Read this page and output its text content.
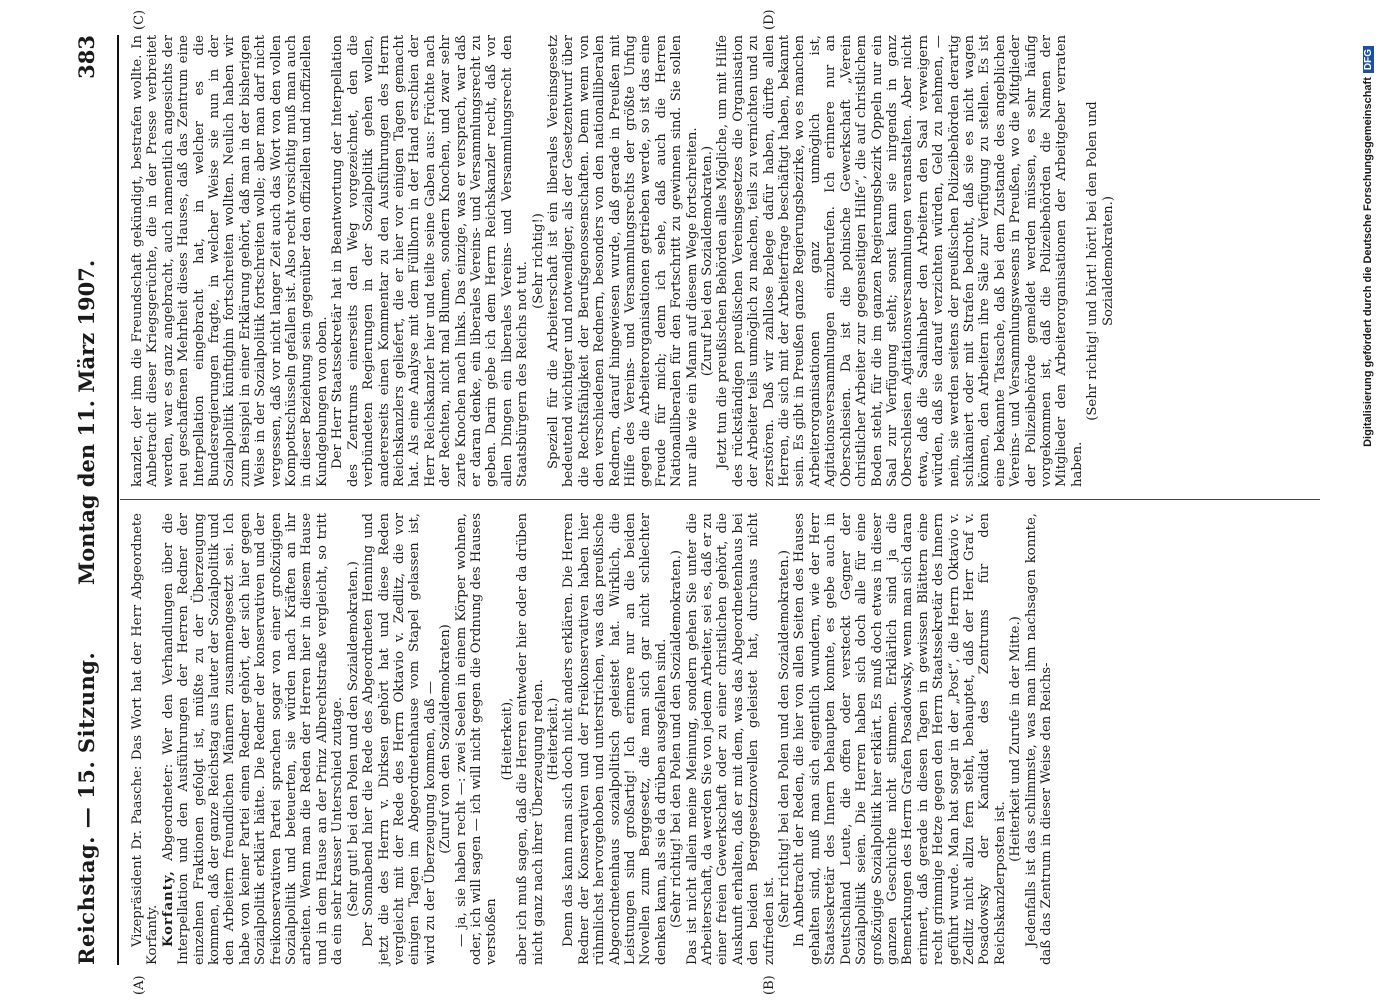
Reichstag. — 15. Sitzung.
Montag den 11. März 1907.
383
(A)	(B)
(C)	(D)

Vizepräsident Dr. Paasche: Das Wort hat der Herr Abgeordnete Korfanty. Korfanty, Abgeordneter: Wer den Verhandlungen über die Interpellation und den Ausführungen der Herren Redner der einzelnen Fraktionen gefolgt ist, müßte zu der Überzeugung kommen, daß der ganze Reichstag aus lauter der Sozialpolitik und den Arbeitern freundlichen Männern zusammengesetzt sei. Ich habe von keiner Partei einen Redner gehört, der sich hier gegen Sozialpolitik erklärt hätte. Die Redner der konservativen und der freikonservativen Partei sprachen sogar von einer großzügigen Sozialpolitik und beteuerten, sie würden nach Kräften an ihr arbeiten. Wenn man die Reden der Herren hier in diesem Hause und in dem Hause an der Prinz Albrechtstraße vergleicht, so tritt da ein sehr krasser Unterschied zutage. (Sehr gut! bei den Polen und den Sozialdemokraten.) Der Sonnabend hier die Rede des Abgeordneten Henning und jetzt die des Herrn v. Dirksen gehört hat und diese Reden vergleicht mit der Rede des Herrn Oktavio v. Zedlitz, die vor einigen Tagen im Abgeordnetenhause vom Stapel gelassen ist, wird zu der Überzeugung kommen, daß — (Zuruf von den Sozialdemokraten) — ja, sie haben recht —: zwei Seelen in einem Körper wohnen, oder, ich will sagen — ich will nicht gegen die Ordnung des Hauses verstoßen

(Heiterkeit), aber ich muß sagen, daß die Herren entweder hier oder da drüben nicht ganz nach ihrer Überzeugung reden. (Heiterkeit.) Denn das kann man sich doch nicht anders erklären. Die Herren Redner der Konservativen und der Freikonservativen haben hier rühmlichst hervorgehoben und unterstrichen, was das preußische Abgeordnetenhaus sozialpolitisch geleistet hat. Wirklich, die Leistungen sind großartig! Ich erinnere nur an die beiden Novellen zum Berggesetz, die man sich gar nicht schlechter denken kann, als sie da drüben ausgefallen sind. (Sehr richtig! bei den Polen und den Sozialdemokraten.) Das ist nicht allein meine Meinung, sondern gehen Sie unter die Arbeiterschaft, da werden Sie von jedem Arbeiter, sei es, daß er zu einer freien Gewerkschaft oder zu einer christlichen gehört, die Auskunft erhalten, daß er mit dem, was das Abgeordnetenhaus bei den beiden Berggesetznovellen geleistet hat, durchaus nicht zufrieden ist. (Sehr richtig! bei den Polen und den Sozialdemokraten.) In Anbetracht der Reden, die hier von allen Seiten des Hauses gehalten sind, muß man sich eigentlich wundern, wie der Herr Staatssekretär des Innern behaupten konnte, es gebe auch in Deutschland Leute, die offen oder versteckt Gegner der Sozialpolitik seien. Die Herren haben sich doch alle für eine großzügige Sozialpolitik hier erklärt. Es muß doch etwas in dieser ganzen Geschichte nicht stimmen. Erklärlich sind ja die Bemerkungen des Herrn Grafen Posadowsky, wenn man sich daran erinnert, daß gerade in diesen Tagen in gewissen Blättern eine recht grimmige Hetze gegen den Herrn Staatssekretär des Innern geführt wurde. Man hat sogar in der „Post“, die Herrn Oktavio v. Zedlitz nicht allzu fern steht, behauptet, daß der Herr Graf v. Posadowsky der Kandidat des Zentrums für den Reichskanzlerposten ist.

(Heiterkeit und Zurufe in der Mitte.) Jedenfalls ist das schlimmste, was man ihm nachsagen konnte, daß das Zentrum in dieser Weise den Reichs-

kanzler, der ihm die Freundschaft gekündigt, bestrafen wollte. In Anbetracht dieser Kriegsgerüchte, die in der Presse verbreitet werden, war es ganz angebracht, auch namentlich angesichts der neu geschaffenen Mehrheit dieses Hauses, daß das Zentrum eine Interpellation eingebracht hat, in welcher es die Bundesregierungen fragte, in welcher Weise sie nun in der Sozialpolitik künftighin fortschreiten wollten. Neulich haben wir zum Beispiel in einer Erklärung gehört, daß man in der bisherigen Weise in der Sozialpolitik fortschreiten wolle; aber man darf nicht vergessen, daß vor nicht langer Zeit auch das Wort von den vollen Kompottschüsseln gefallen ist. Also recht vorsichtig muß man auch in dieser Beziehung sein gegenüber den offiziellen und inoffiziellen Kundgebungen von oben. Der Herr Staatssekretär hat in Beantwortung der Interpellation des Zentrums einerseits den Weg vorgezeichnet, den die verbündeten Regierungen in der Sozialpolitik gehen wollen, andererseits einen Kommentar zu den Ausführungen des Herrn Reichskanzlers geliefert, die er hier vor einigen Tagen gemacht hat. Als eine Analyse mit dem Füllhorn in der Hand erschien der Herr Reichskanzler hier und teilte seine Gaben aus: Früchte nach der Rechten, nicht mal Blumen, sondern Knochen, und zwar sehr zarte Knochen nach links. Das einzige, was er versprach, war daß er daran denke, ein liberales Vereins- und Versammlungsrecht zu geben. Darin gebe ich dem Herrn Reichskanzler recht, daß vor allen Dingen ein liberales Vereins- und Versammlungsrecht den Staatsbürgern des Reichs not tut.

(Sehr richtig!) Speziell für die Arbeiterschaft ist ein liberales Vereinsgesetz bedeutend wichtiger und notwendiger, als der Gesetzentwurf über die Rechtsfähigkeit der Berufsgenossenschaften. Denn wenn von den verschiedenen Rednern, besonders von den nationalliberalen Rednern, darauf hingewiesen wurde, daß gerade in Preußen mit Hilfe des Vereins- und Versammlungsrechts der größte Unfug gegen die Arbeiterorganisationen getrieben werde, so ist das eine Freude für mich; denn ich sehe, daß auch die Herren Nationalliberalen für den Fortschritt zu gewinnen sind. Sie sollen nur alle wie ein Mann auf diesem Wege fortschreiten. (Zuruf bei den Sozialdemokraten.) Jetzt tun die preußischen Behörden alles Mögliche, um mit Hilfe des rückständigen preußischen Vereinsgesetzes die Organisation der Arbeiter teils unmöglich zu machen, teils zu vernichten und zu zerstören. Daß wir zahllose Belege dafür haben, dürfte allen Herren, die sich mit der Arbeiterfrage beschäftigt haben, bekannt sein. Es gibt in Preußen ganze Regierungsbezirke, wo es manchen Arbeiterorganisationen ganz unmöglich ist, Agitationsversammlungen einzuberufen. Ich erinnere nur an Oberschlesien. Da ist die polnische Gewerkschaft „Verein christlicher Arbeiter zur gegenseitigen Hilfe“, die auf christlichem Boden steht, für die im ganzen Regierungsbezirk Oppeln nur ein Saal zur Verfügung steht; sonst kann sie nirgends in ganz Oberschlesien Agitationsversammlungen veranstalten. Aber nicht etwa, daß die Saalinhaber den Arbeitern den Saal verweigern würden, daß sie darauf verzichten würden, Geld zu nehmen, — nein, sie werden seitens der preußischen Polizeibehörden derartig schikaniert oder mit Strafen bedroht, daß sie es nicht wagen können, den Arbeitern ihre Säle zur Verfügung zu stellen. Es ist eine bekannte Tatsache, daß bei dem Zustande des angeblichen Vereins- und Versammlungswesens in Preußen, wo die Mitglieder der Polizeibehörde gemeldet werden müssen, es sehr häufig vorgekommen ist, daß die Polizeibehörden die Namen der Mitglieder den Arbeiterorganisationen der Arbeitgeber verraten haben.

(Sehr richtig! und hört! hört! bei den Polen und Sozialdemokraten.)	Digitalisierung gefördert durch die Deutsche ForschungsgemeinschaftDFG
